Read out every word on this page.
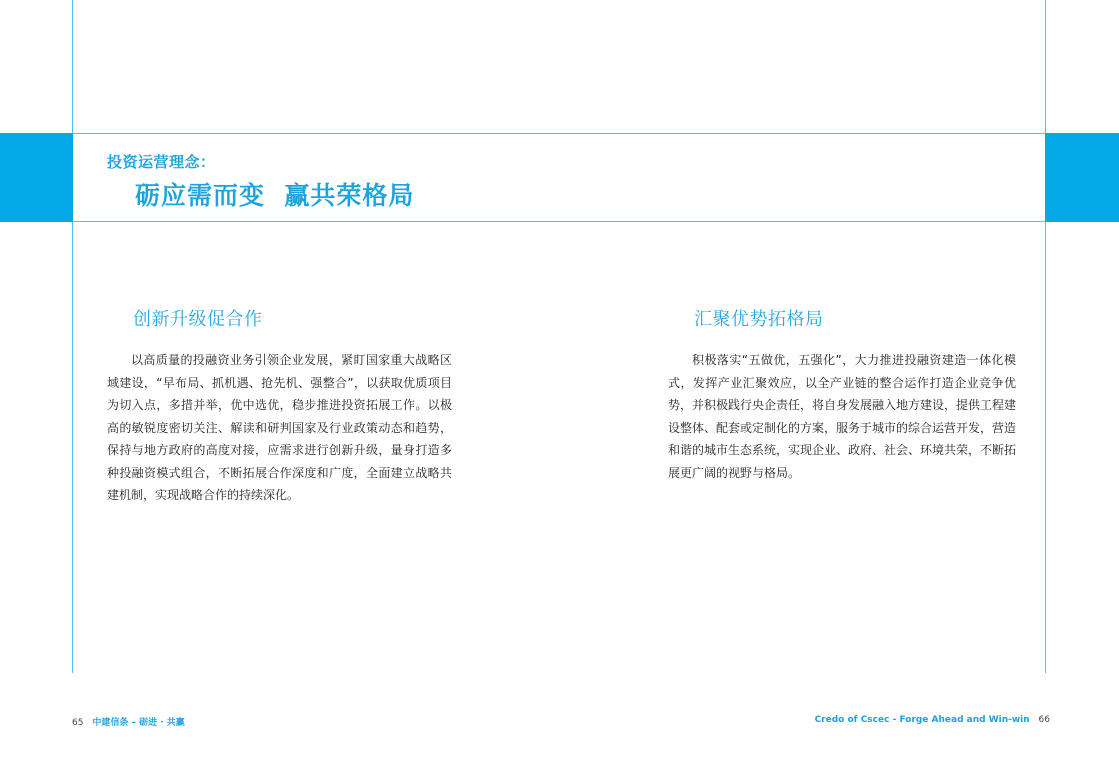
投资运营理念：
砺应需而变  赢共荣格局
创新升级促合作

以高质量的投融资业务引领企业发展，紧盯国家重大战略区域建设，“早布局、抓机遇、抢先机、强整合”，以获取优质项目为切入点，多措并举，优中选优，稳步推进投资拓展工作。以极高的敏锐度密切关注、解读和研判国家及行业政策动态和趋势，保持与地方政府的高度对接，应需求进行创新升级，量身打造多种投融资模式组合，不断拓展合作深度和广度，全面建立战略共建机制，实现战略合作的持续深化。

汇聚优势拓格局

积极落实“五做优，五强化”，大力推进投融资建造一体化模式，发挥产业汇聚效应，以全产业链的整合运作打造企业竞争优势，并积极践行央企责任，将自身发展融入地方建设，提供工程建设整体、配套或定制化的方案，服务于城市的综合运营开发，营造和谐的城市生态系统，实现企业、政府、社会、环境共荣，不断拓展更广阔的视野与格局。

65 中建信条 – 砺进 · 共赢	Credo of Cscec - Forge Ahead and Win-win 66
